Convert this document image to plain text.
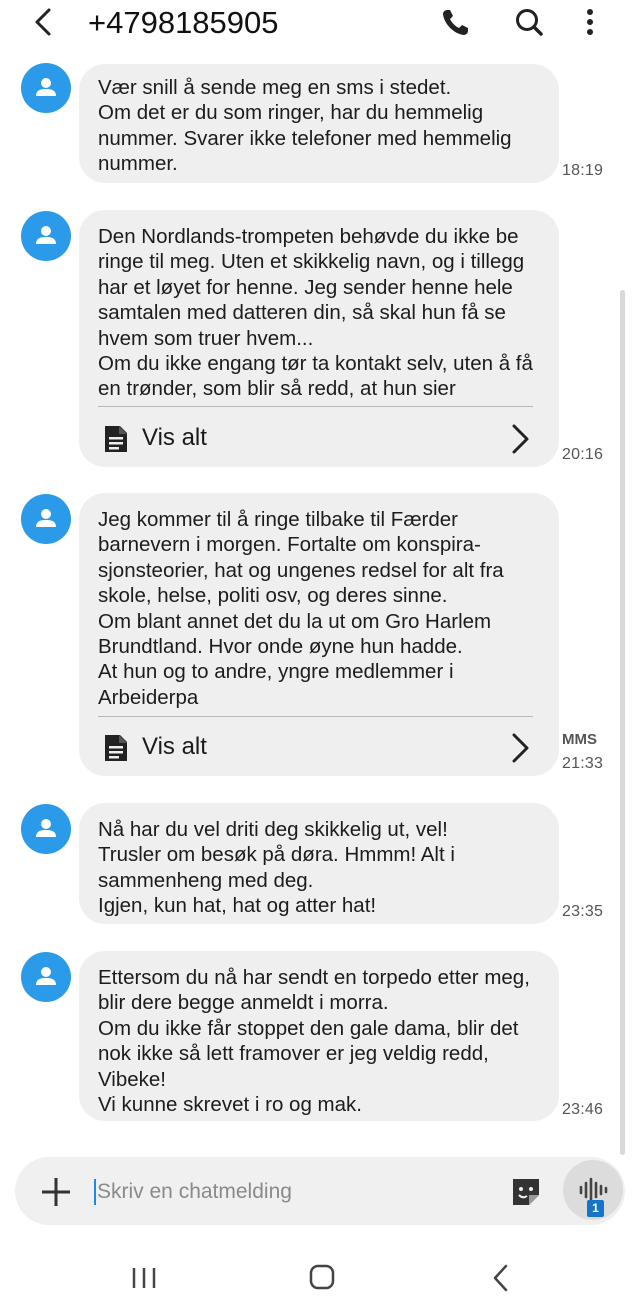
+4798185905
Vær snill å sende meg en sms i stedet.
Om det er du som ringer, har du hemmelig nummer. Svarer ikke telefoner med hemmelig nummer.	18:19
Den Nordlands-trompeten behøvde du ikke be ringe til meg. Uten et skikkelig navn, og i tillegg har et løyet for henne. Jeg sender henne hele samtalen med datteren din, så skal hun få se hvem som truer hvem...
Om du ikke engang tør ta kontakt selv, uten å få en trønder, som blir så redd, at hun sier
Vis alt
20:16
Jeg kommer til å ringe tilbake til Færder barnevern i morgen. Fortalte om konspira-sjonsteorier, hat og ungenes redsel for alt fra skole, helse, politi osv, og deres sinne.
Om blant annet det du la ut om Gro Harlem Brundtland. Hvor onde øyne hun hadde.
At hun og to andre, yngre medlemmer i Arbeiderpa
Vis alt	MMS
21:33
Nå har du vel driti deg skikkelig ut, vel!
Trusler om besøk på døra. Hmmm! Alt i sammenheng med deg.
Igjen, kun hat, hat og atter hat!	23:35
Ettersom du nå har sendt en torpedo etter meg, blir dere begge anmeldt i morra.
Om du ikke får stoppet den gale dama, blir det nok ikke så lett framover er jeg veldig redd, Vibeke!
Vi kunne skrevet i ro og mak.	23:46
Skriv en chatmelding
1
